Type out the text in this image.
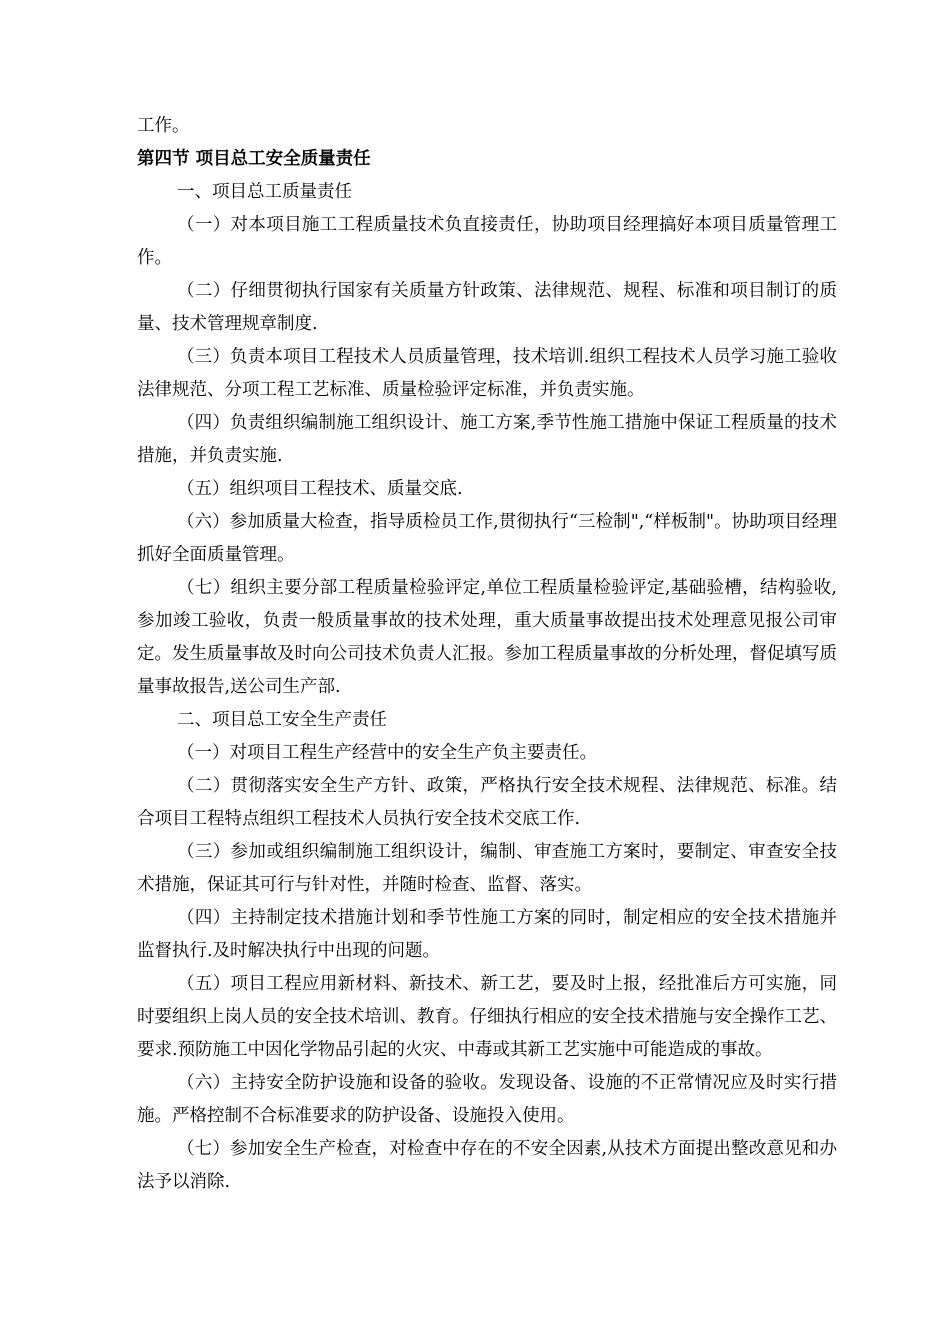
工作。

第四节 项目总工安全质量责任

一、项目总工质量责任

（一）对本项目施工工程质量技术负直接责任，协助项目经理搞好本项目质量管理工作。

（二）仔细贯彻执行国家有关质量方针政策、法律规范、规程、标准和项目制订的质量、技术管理规章制度.

（三）负责本项目工程技术人员质量管理，技术培训.组织工程技术人员学习施工验收法律规范、分项工程工艺标准、质量检验评定标准，并负责实施。

（四）负责组织编制施工组织设计、施工方案,季节性施工措施中保证工程质量的技术措施，并负责实施.

（五）组织项目工程技术、质量交底.

（六）参加质量大检查，指导质检员工作,贯彻执行“三检制",“样板制"。协助项目经理抓好全面质量管理。

（七）组织主要分部工程质量检验评定,单位工程质量检验评定,基础验槽，结构验收,参加竣工验收，负责一般质量事故的技术处理，重大质量事故提出技术处理意见报公司审定。发生质量事故及时向公司技术负责人汇报。参加工程质量事故的分析处理，督促填写质量事故报告,送公司生产部.

二、项目总工安全生产责任

（一）对项目工程生产经营中的安全生产负主要责任。

（二）贯彻落实安全生产方针、政策，严格执行安全技术规程、法律规范、标准。结合项目工程特点组织工程技术人员执行安全技术交底工作.

（三）参加或组织编制施工组织设计，编制、审查施工方案时，要制定、审查安全技术措施，保证其可行与针对性，并随时检查、监督、落实。

（四）主持制定技术措施计划和季节性施工方案的同时，制定相应的安全技术措施并监督执行.及时解决执行中出现的问题。

（五）项目工程应用新材料、新技术、新工艺，要及时上报，经批准后方可实施，同时要组织上岗人员的安全技术培训、教育。仔细执行相应的安全技术措施与安全操作工艺、要求.预防施工中因化学物品引起的火灾、中毒或其新工艺实施中可能造成的事故。

（六）主持安全防护设施和设备的验收。发现设备、设施的不正常情况应及时实行措施。严格控制不合标准要求的防护设备、设施投入使用。

（七）参加安全生产检查，对检查中存在的不安全因素,从技术方面提出整改意见和办法予以消除.
